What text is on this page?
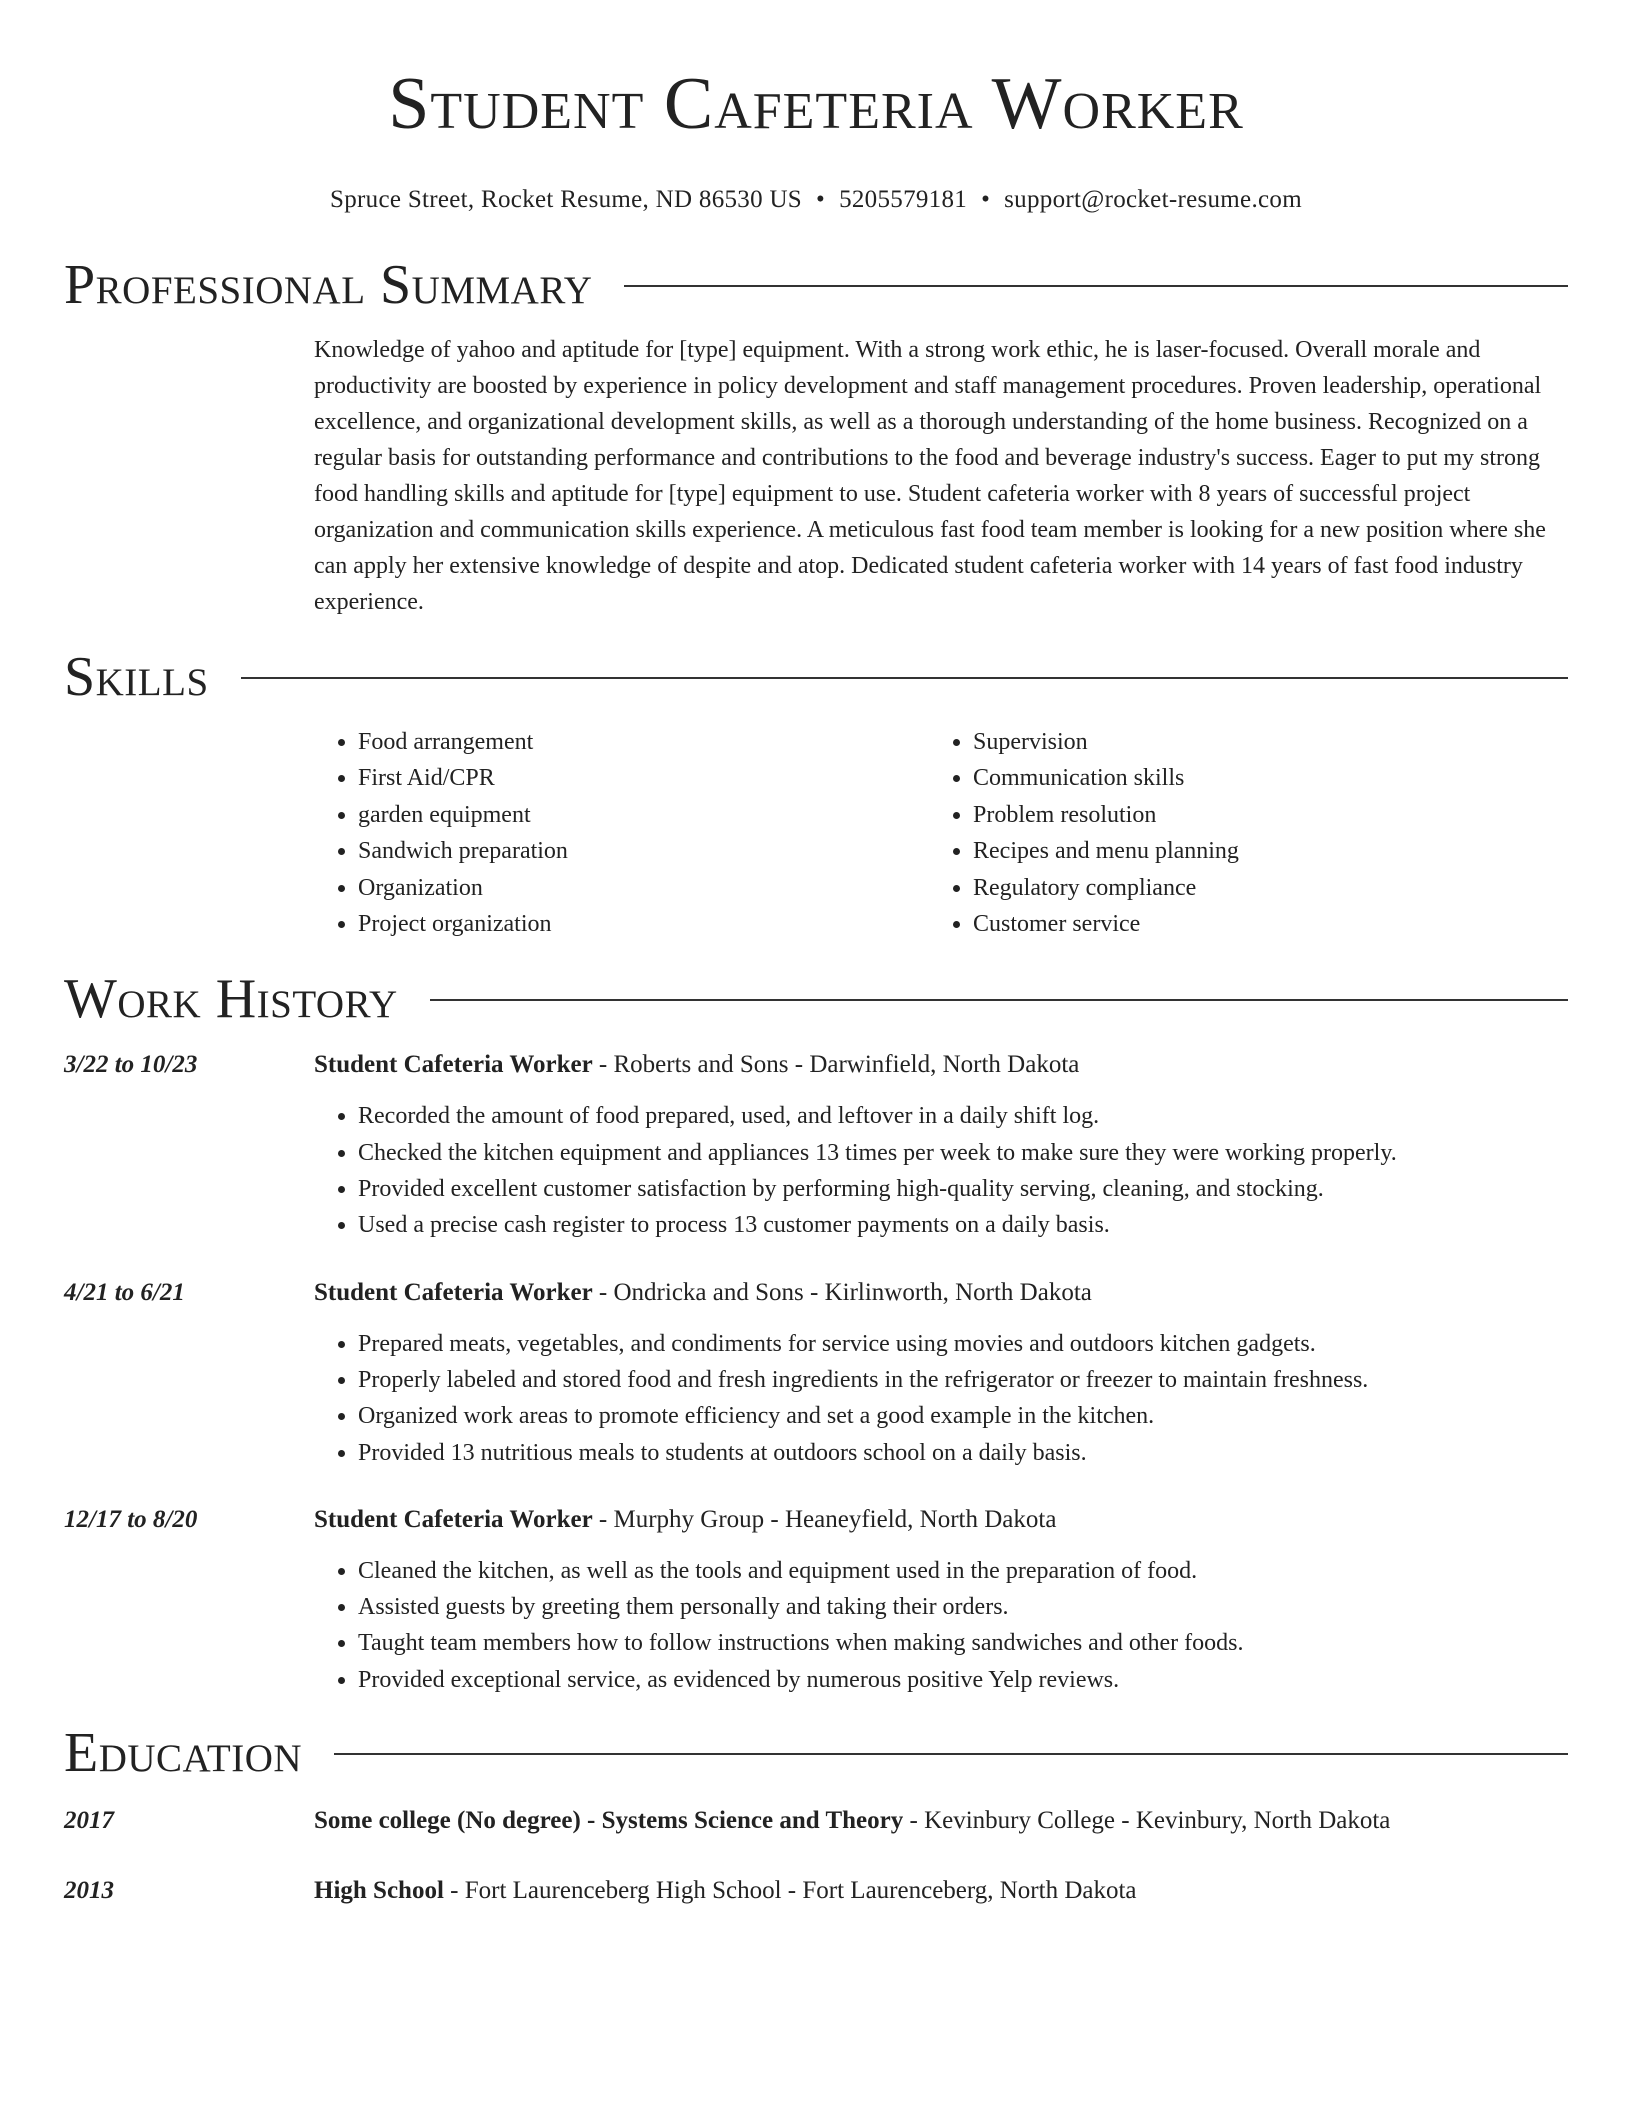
Student Cafeteria Worker
Spruce Street, Rocket Resume, ND 86530 US • 5205579181 • support@rocket-resume.com
Professional Summary

Knowledge of yahoo and aptitude for [type] equipment. With a strong work ethic, he is laser-focused. Overall morale and productivity are boosted by experience in policy development and staff management procedures. Proven leadership, operational excellence, and organizational development skills, as well as a thorough understanding of the home business. Recognized on a regular basis for outstanding performance and contributions to the food and beverage industry's success. Eager to put my strong food handling skills and aptitude for [type] equipment to use. Student cafeteria worker with 8 years of successful project organization and communication skills experience. A meticulous fast food team member is looking for a new position where she can apply her extensive knowledge of despite and atop. Dedicated student cafeteria worker with 14 years of fast food industry experience.

Skills
• Food arrangement
• First Aid/CPR
• garden equipment
• Sandwich preparation
• Organization
• Project organization
• Supervision
• Communication skills
• Problem resolution
• Recipes and menu planning
• Regulatory compliance
• Customer service
Work History
3/22 to 10/23	Student Cafeteria Worker - Roberts and Sons - Darwinfield, North Dakota

• Recorded the amount of food prepared, used, and leftover in a daily shift log.
• Checked the kitchen equipment and appliances 13 times per week to make sure they were working properly.
• Provided excellent customer satisfaction by performing high-quality serving, cleaning, and stocking.
• Used a precise cash register to process 13 customer payments on a daily basis.
4/21 to 6/21	Student Cafeteria Worker - Ondricka and Sons - Kirlinworth, North Dakota

• Prepared meats, vegetables, and condiments for service using movies and outdoors kitchen gadgets.
• Properly labeled and stored food and fresh ingredients in the refrigerator or freezer to maintain freshness.
• Organized work areas to promote efficiency and set a good example in the kitchen.
• Provided 13 nutritious meals to students at outdoors school on a daily basis.
12/17 to 8/20	Student Cafeteria Worker - Murphy Group - Heaneyfield, North Dakota

• Cleaned the kitchen, as well as the tools and equipment used in the preparation of food.
• Assisted guests by greeting them personally and taking their orders.
• Taught team members how to follow instructions when making sandwiches and other foods.
• Provided exceptional service, as evidenced by numerous positive Yelp reviews.
Education
2017	Some college (No degree) - Systems Science and Theory - Kevinbury College - Kevinbury, North Dakota

2013	High School - Fort Laurenceberg High School - Fort Laurenceberg, North Dakota
